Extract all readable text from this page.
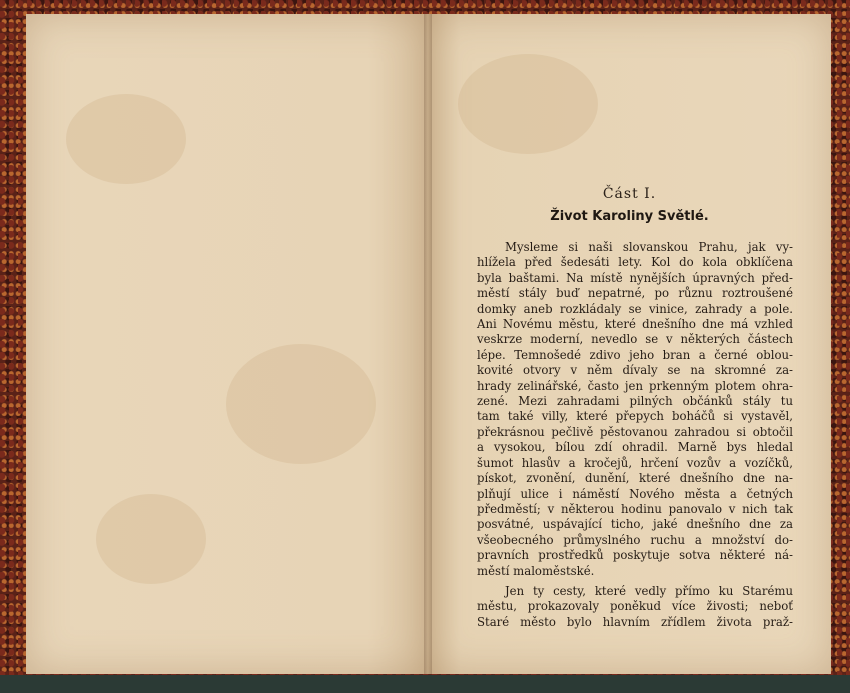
Část I.
Život Karoliny Světlé.
Mysleme si naši slovanskou Prahu, jak vy-
hlížela před šedesáti lety. Kol do kola obklíčena
byla baštami. Na místě nynějších úpravných před-
městí stály buď nepatrné, po různu roztroušené
domky aneb rozkládaly se vinice, zahrady a pole.
Ani Novému městu, které dnešního dne má vzhled
veskrze moderní, nevedlo se v některých částech
lépe. Temnošedé zdivo jeho bran a černé oblou-
kovité otvory v něm dívaly se na skromné za-
hrady zelinářské, často jen prkenným plotem ohra-
zené. Mezi zahradami pilných občánků stály tu
tam také villy, které přepych boháčů si vystavěl,
překrásnou pečlivě pěstovanou zahradou si obtočil
a vysokou, bílou zdí ohradil. Marně bys hledal
šumot hlasův a kročejů, hrčení vozův a vozíčků,
pískot, zvonění, dunění, které dnešního dne na-
plňují ulice i náměstí Nového města a četných
předměstí; v některou hodinu panovalo v nich tak
posvátné, uspávající ticho, jaké dnešního dne za
všeobecného průmyslného ruchu a množství do-
pravních prostředků poskytuje sotva některé ná-
městí maloměstské.
Jen ty cesty, které vedly přímo ku Starému
městu, prokazovaly poněkud více živosti; neboť
Staré město bylo hlavním zřídlem života praž-
